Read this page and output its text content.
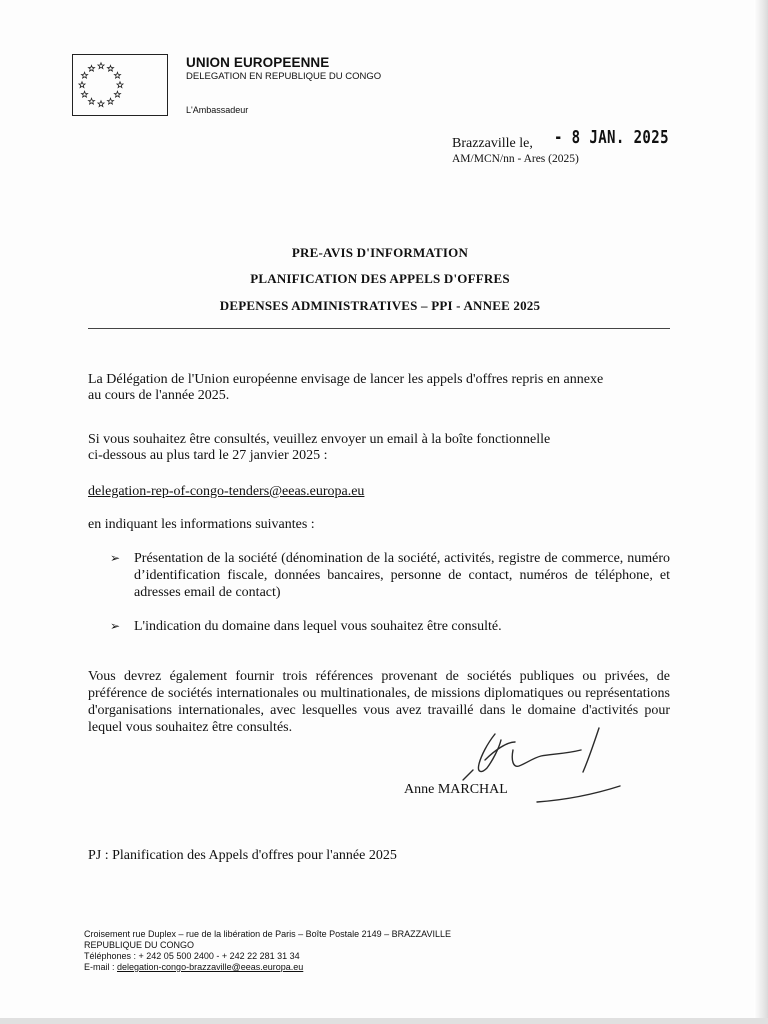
UNION EUROPEENNE
DELEGATION EN REPUBLIQUE DU CONGO
L'Ambassadeur
Brazzaville le, - 8 JAN. 2025
AM/MCN/nn - Ares (2025)
PRE-AVIS D'INFORMATION
PLANIFICATION DES APPELS D'OFFRES
DEPENSES ADMINISTRATIVES – PPI - ANNEE 2025
La Délégation de l'Union européenne envisage de lancer les appels d'offres repris en annexe
au cours de l'année 2025.
Si vous souhaitez être consultés, veuillez envoyer un email à la boîte fonctionnelle
ci-dessous au plus tard le 27 janvier 2025 :
delegation-rep-of-congo-tenders@eeas.europa.eu
en indiquant les informations suivantes :
➢ Présentation de la société (dénomination de la société, activités, registre de commerce, numéro d’identification fiscale, données bancaires, personne de contact, numéros de téléphone, et adresses email de contact)
➢ L'indication du domaine dans lequel vous souhaitez être consulté.
Vous devrez également fournir trois références provenant de sociétés publiques ou privées, de préférence de sociétés internationales ou multinationales, de missions diplomatiques ou représentations d'organisations internationales, avec lesquelles vous avez travaillé dans le domaine d'activités pour lequel vous souhaitez être consultés.
Anne MARCHAL
PJ : Planification des Appels d'offres pour l'année 2025
Croisement rue Duplex – rue de la libération de Paris – Boîte Postale 2149 – BRAZZAVILLE
REPUBLIQUE DU CONGO
Téléphones : + 242 05 500 2400 - + 242 22 281 31 34
E-mail : delegation-congo-brazzaville@eeas.europa.eu
